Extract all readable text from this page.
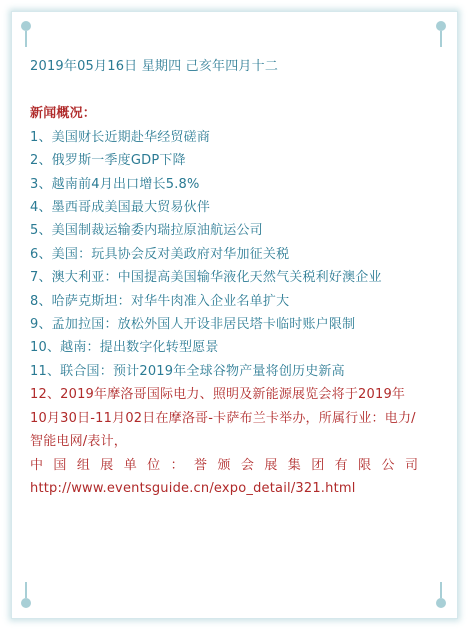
2019年05月16日 星期四 己亥年四月十二
新闻概况：
1、美国财长近期赴华经贸磋商
2、俄罗斯一季度GDP下降
3、越南前4月出口增长5.8%
4、墨西哥成美国最大贸易伙伴
5、美国制裁运输委内瑞拉原油航运公司
6、美国：玩具协会反对美政府对华加征关税
7、澳大利亚：中国提高美国输华液化天然气关税利好澳企业
8、哈萨克斯坦：对华牛肉准入企业名单扩大
9、孟加拉国：放松外国人开设非居民塔卡临时账户限制
10、越南：提出数字化转型愿景
11、联合国：预计2019年全球谷物产量将创历史新高
12、2019年摩洛哥国际电力、照明及新能源展览会将于2019年10月30日-11月02日在摩洛哥-卡萨布兰卡举办，所属行业：电力/智能电网/表计，
中国组展单位：誉颁会展集团有限公司
http://www.eventsguide.cn/expo_detail/321.html
